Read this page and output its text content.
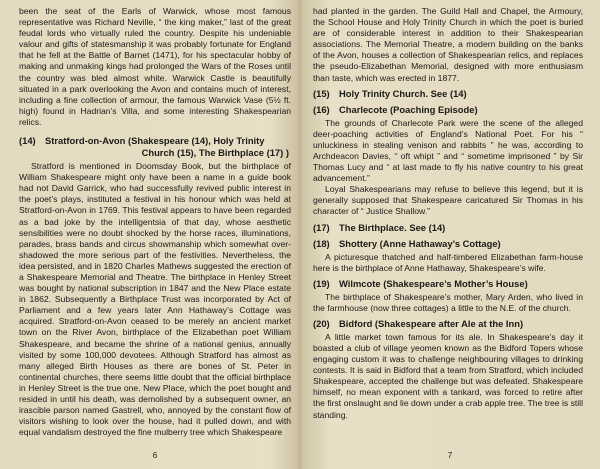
been the seat of the Earls of Warwick, whose most famous representative was Richard Neville, “ the king maker,” last of the great feudal lords who virtually ruled the country. Despite his undeniable valour and gifts of statesmanship it was probably fortunate for England that he fell at the Battle of Barnet (1471), for his spectacular hobby of making and unmaking kings had prolonged the Wars of the Roses until the country was bled almost white. Warwick Castle is beautifully situated in a park overlooking the Avon and contains much of interest, including a fine collection of armour, the famous Warwick Vase (5½ ft. high) found in Hadrian’s Villa, and some interesting Shakespearian relics.

(14) Stratford-on-Avon (Shakespeare (14), Holy Trinity
Church (15), The Birthplace (17) )

Stratford is mentioned in Doomsday Book, but the birthplace of William Shakespeare might only have been a name in a guide book had not David Garrick, who had successfully revived public interest in the poet’s plays, instituted a festival in his honour which was held at Stratford-on-Avon in 1769. This festival appears to have been regarded as a bad joke by the intelligentsia of that day, whose aesthetic sensibilities were no doubt shocked by the horse races, illuminations, parades, brass bands and circus showmanship which somewhat over-shadowed the more serious part of the festivities. Nevertheless, the idea persisted, and in 1820 Charles Mathews suggested the erection of a Shakespeare Memorial and Theatre. The birthplace in Henley Street was bought by national subscription in 1847 and the New Place estate in 1862. Subsequently a Birthplace Trust was incorporated by Act of Parliament and a few years later Ann Hathaway’s Cottage was acquired. Stratford-on-Avon ceased to be merely an ancient market town on the River Avon, birthplace of the Elizabethan poet William Shakespeare, and became the shrine of a national genius, annually visited by some 100,000 devotees. Although Stratford has almost as many alleged Birth Houses as there are bones of St. Peter in continental churches, there seems little doubt that the official birthplace in Henley Street is the true one. New Place, which the poet bought and resided in until his death, was demolished by a subsequent owner, an irascible parson named Gastrell, who, annoyed by the constant flow of visitors wishing to look over the house, had it pulled down, and with equal vandalism destroyed the fine mulberry tree which Shakespeare

6

had planted in the garden. The Guild Hall and Chapel, the Armoury, the School House and Holy Trinity Church in which the poet is buried are of considerable interest in addition to their Shakespearian associations. The Memorial Theatre, a modern building on the banks of the Avon, houses a collection of Shakespearian relics, and replaces the pseudo-Elizabethan Memorial, designed with more enthusiasm than taste, which was erected in 1877.

(15) Holy Trinity Church. See (14)
(16) Charlecote (Poaching Episode)

The grounds of Charlecote Park were the scene of the alleged deer-poaching activities of England’s National Poet. For his “ unluckiness in stealing venison and rabbits ” he was, according to Archdeacon Davies, “ oft whipt ” and “ sometime imprisoned ” by Sir Thomas Lucy and “ at last made to fly his native country to his great advancement.”

Loyal Shakespearians may refuse to believe this legend, but it is generally supposed that Shakespeare caricatured Sir Thomas in his character of “ Justice Shallow.”

(17) The Birthplace. See (14)
(18) Shottery (Anne Hathaway’s Cottage)

A picturesque thatched and half-timbered Elizabethan farm-house here is the birthplace of Anne Hathaway, Shakespeare’s wife.

(19) Wilmcote (Shakespeare’s Mother’s House)

The birthplace of Shakespeare’s mother, Mary Arden, who lived in the farmhouse (now three cottages) a little to the N.E. of the church.

(20) Bidford (Shakespeare after Ale at the Inn)

A little market town famous for its ale. In Shakespeare’s day it boasted a club of village yeomen known as the Bidford Topers whose engaging custom it was to challenge neighbouring villages to drinking contests. It is said in Bidford that a team from Stratford, which included Shakespeare, accepted the challenge but was defeated. Shakespeare himself, no mean exponent with a tankard, was forced to retire after the first onslaught and lie down under a crab apple tree. The tree is still standing.

7
